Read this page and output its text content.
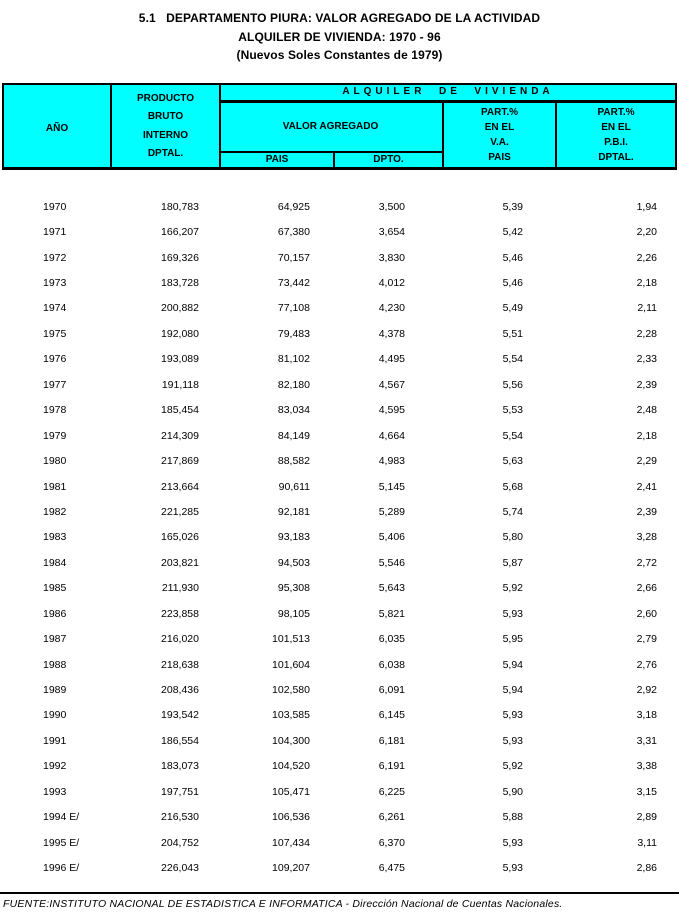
5.1   DEPARTAMENTO PIURA: VALOR AGREGADO DE LA ACTIVIDAD
ALQUILER DE VIVIENDA: 1970 - 96
(Nuevos Soles Constantes de 1979)
AÑO
PRODUCTO
BRUTO
INTERNO
DPTAL.
ALQUILER  DE  VIVIENDA
VALOR AGREGADO
PAIS	DPTO.
PART.%
EN EL
V.A.
PAIS
PART.%
EN EL
P.B.I.
DPTAL.
1970	180,783	64,925	3,500	5,39	1,94
1971	166,207	67,380	3,654	5,42	2,20
1972	169,326	70,157	3,830	5,46	2,26
1973	183,728	73,442	4,012	5,46	2,18
1974	200,882	77,108	4,230	5,49	2,11
1975	192,080	79,483	4,378	5,51	2,28
1976	193,089	81,102	4,495	5,54	2,33
1977	191,118	82,180	4,567	5,56	2,39
1978	185,454	83,034	4,595	5,53	2,48
1979	214,309	84,149	4,664	5,54	2,18
1980	217,869	88,582	4,983	5,63	2,29
1981	213,664	90,611	5,145	5,68	2,41
1982	221,285	92,181	5,289	5,74	2,39
1983	165,026	93,183	5,406	5,80	3,28
1984	203,821	94,503	5,546	5,87	2,72
1985	211,930	95,308	5,643	5,92	2,66
1986	223,858	98,105	5,821	5,93	2,60
1987	216,020	101,513	6,035	5,95	2,79
1988	218,638	101,604	6,038	5,94	2,76
1989	208,436	102,580	6,091	5,94	2,92
1990	193,542	103,585	6,145	5,93	3,18
1991	186,554	104,300	6,181	5,93	3,31
1992	183,073	104,520	6,191	5,92	3,38
1993	197,751	105,471	6,225	5,90	3,15
1994 E/	216,530	106,536	6,261	5,88	2,89
1995 E/	204,752	107,434	6,370	5,93	3,11
1996 E/	226,043	109,207	6,475	5,93	2,86
FUENTE:INSTITUTO NACIONAL DE ESTADISTICA E INFORMATICA - Dirección Nacional de Cuentas Nacionales.
